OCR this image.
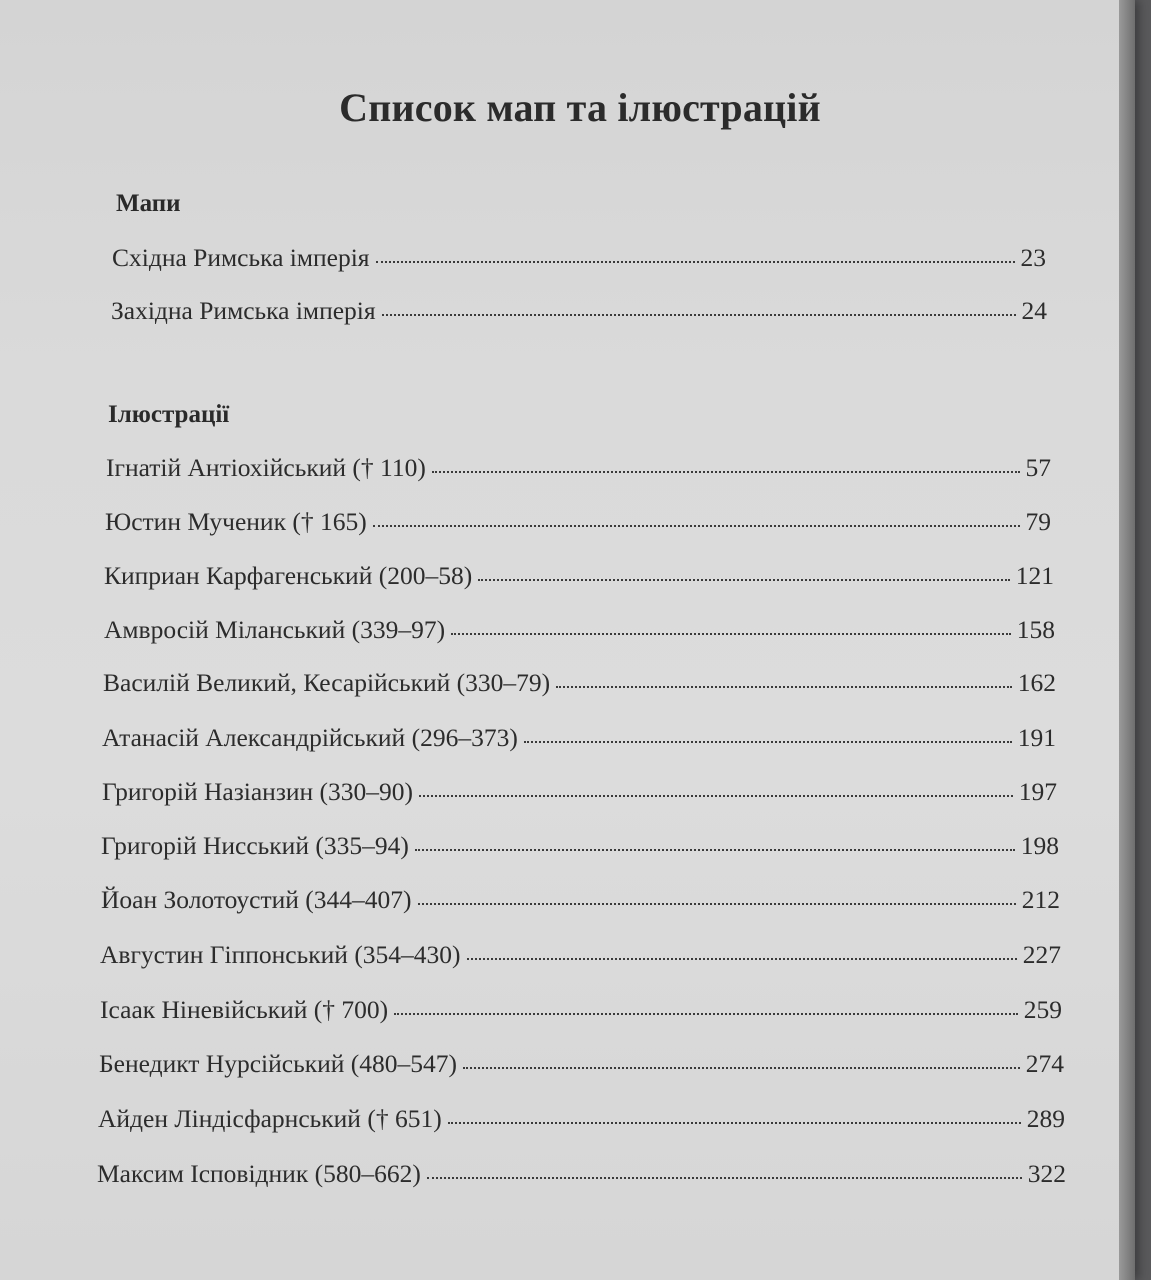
Список мап та ілюстрацій
Мапи
Східна Римська імперія	23
Західна Римська імперія	24
Ілюстрації
Ігнатій Антіохійський († 110)	57
Юстин Мученик († 165)	79
Киприан Карфагенський (200–58)	121
Амвросій Міланський (339–97)	158
Василій Великий, Кесарійський (330–79)	162
Атанасій Александрійський (296–373)	191
Григорій Назіанзин (330–90)	197
Григорій Нисський (335–94)	198
Йоан Золотоустий (344–407)	212
Августин Гіппонський (354–430)	227
Ісаак Ніневійський († 700)	259
Бенедикт Нурсійський (480–547)	274
Айден Ліндісфарнський († 651)	289
Максим Ісповідник (580–662)	322
